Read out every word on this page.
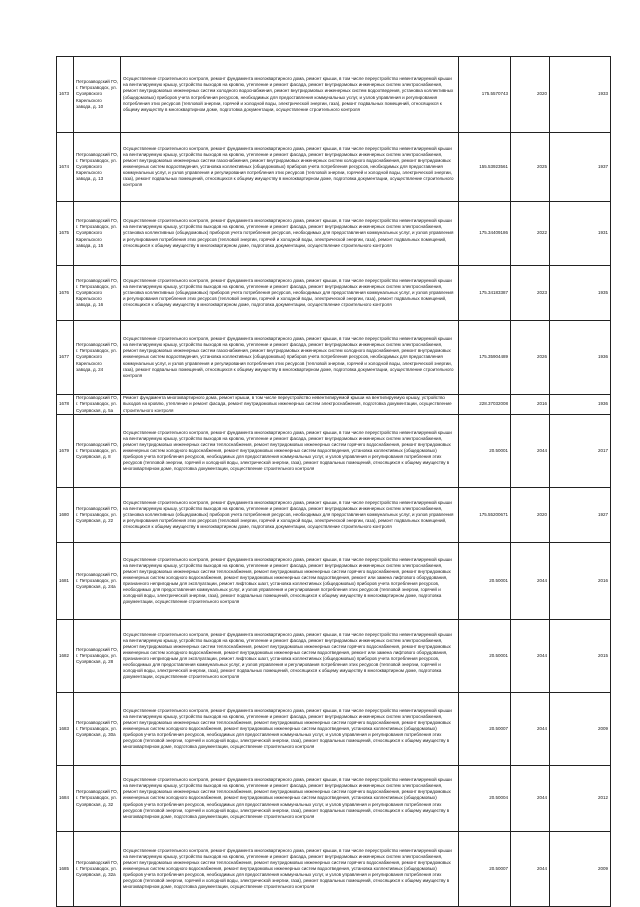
1673	Петрозаводский ГО, г. Петрозаводск, ул. Суоярвского Карельского завода, д. 10	Осуществление строительного контроля, ремонт фундамента многоквартирного дома, ремонт крыши, в том числе переустройство невентилируемой крыши на вентилируемую крышу, устройство выходов на кровлю, утепление и ремонт фасада, ремонт внутридомовых инженерных систем электроснабжения, ремонт внутридомовых инженерных систем холодного водоснабжения, ремонт внутридомовых инженерных систем водоотведения, установка коллективных (общедомовых) приборов учета потребления ресурсов, необходимых для предоставления коммунальных услуг, и узлов управления и регулирования потребления этих ресурсов (тепловой энергии, горячей и холодной воды, электрической энергии, газа), ремонт подвальных помещений, относящихся к общему имуществу в многоквартирном доме, подготовка документации, осуществление строительного контроля	175.5570743	2020	1933
1674	Петрозаводский ГО, г. Петрозаводск, ул. Суоярвского Карельского завода, д. 13	Осуществление строительного контроля, ремонт фундамента многоквартирного дома, ремонт крыши, в том числе переустройство невентилируемой крыши на вентилируемую крышу, устройство выходов на кровлю, утепление и ремонт фасада, ремонт внутридомовых инженерных систем электроснабжения, ремонт внутридомовых инженерных систем газоснабжения, ремонт внутридомовых инженерных систем холодного водоснабжения, ремонт внутридомовых инженерных систем водоотведения, установка коллективных (общедомовых) приборов учета потребления ресурсов, необходимых для предоставления коммунальных услуг, и узлов управления и регулирования потребления этих ресурсов (тепловой энергии, горячей и холодной воды, электрической энергии, газа), ремонт подвальных помещений, относящихся к общему имуществу в многоквартирном доме, подготовка документации, осуществление строительного контроля	155.53923561	2025	1937
1675	Петрозаводский ГО, г. Петрозаводск, ул. Суоярвского Карельского завода, д. 15	Осуществление строительного контроля, ремонт фундамента многоквартирного дома, ремонт крыши, в том числе переустройство невентилируемой крыши на вентилируемую крышу, устройство выходов на кровлю, утепление и ремонт фасада, ремонт внутридомовых инженерных систем электроснабжения, установка коллективных (общедомовых) приборов учета потребления ресурсов, необходимых для предоставления коммунальных услуг, и узлов управления и регулирования потребления этих ресурсов (тепловой энергии, горячей и холодной воды, электрической энергии, газа), ремонт подвальных помещений, относящихся к общему имуществу в многоквартирном доме, подготовка документации, осуществление строительного контроля	175.34409186	2022	1931
1676	Петрозаводский ГО, г. Петрозаводск, ул. Суоярвского Карельского завода, д. 16	Осуществление строительного контроля, ремонт фундамента многоквартирного дома, ремонт крыши, в том числе переустройство невентилируемой крыши на вентилируемую крышу, устройство выходов на кровлю, утепление и ремонт фасада, ремонт внутридомовых инженерных систем электроснабжения, установка коллективных (общедомовых) приборов учета потребления ресурсов, необходимых для предоставления коммунальных услуг, и узлов управления и регулирования потребления этих ресурсов (тепловой энергии, горячей и холодной воды, электрической энергии, газа), ремонт подвальных помещений, относящихся к общему имуществу в многоквартирном доме, подготовка документации, осуществление строительного контроля	175.34183387	2023	1935
1677	Петрозаводский ГО, г. Петрозаводск, ул. Суоярвского Карельского завода, д. 24	Осуществление строительного контроля, ремонт фундамента многоквартирного дома, ремонт крыши, в том числе переустройство невентилируемой крыши на вентилируемую крышу, устройство выходов на кровлю, утепление и ремонт фасада, ремонт внутридомовых инженерных систем электроснабжения, ремонт внутридомовых инженерных систем газоснабжения, ремонт внутридомовых инженерных систем холодного водоснабжения, ремонт внутридомовых инженерных систем водоотведения, установка коллективных (общедомовых) приборов учета потребления ресурсов, необходимых для предоставления коммунальных услуг, и узлов управления и регулирования потребления этих ресурсов (тепловой энергии, горячей и холодной воды, электрической энергии, газа), ремонт подвальных помещений, относящихся к общему имуществу в многоквартирном доме, подготовка документации, осуществление строительного контроля	175.35904489	2026	1936
1678	Петрозаводский ГО, г. Петрозаводск, ул. Суоярвская, д. 5а	Ремонт фундамента многоквартирного дома, ремонт крыши, в том числе переустройство невентилируемой крыши на вентилируемую крышу, устройство выходов на кровлю, утепление и ремонт фасада, ремонт внутридомовых инженерных систем электроснабжения, подготовка документации, осуществление строительного контроля	228.37032008	2016	1936
1679	Петрозаводский ГО, г. Петрозаводск, ул. Суоярвская, д. 8	Осуществление строительного контроля, ремонт фундамента многоквартирного дома, ремонт крыши, в том числе переустройство невентилируемой крыши на вентилируемую крышу, устройство выходов на кровлю, утепление и ремонт фасада, ремонт внутридомовых инженерных систем электроснабжения, ремонт внутридомовых инженерных систем теплоснабжения, ремонт внутридомовых инженерных систем горячего водоснабжения, ремонт внутридомовых инженерных систем холодного водоснабжения, ремонт внутридомовых инженерных систем водоотведения, установка коллективных (общедомовых) приборов учета потребления ресурсов, необходимых для предоставления коммунальных услуг, и узлов управления и регулирования потребления этих ресурсов (тепловой энергии, горячей и холодной воды, электрической энергии, газа), ремонт подвальных помещений, относящихся к общему имуществу в многоквартирном доме, подготовка документации, осуществление строительного контроля	20.50001	2044	2017
1680	Петрозаводский ГО, г. Петрозаводск, ул. Суоярвская, д. 22	Осуществление строительного контроля, ремонт фундамента многоквартирного дома, ремонт крыши, в том числе переустройство невентилируемой крыши на вентилируемую крышу, устройство выходов на кровлю, утепление и ремонт фасада, ремонт внутридомовых инженерных систем электроснабжения, установка коллективных (общедомовых) приборов учета потребления ресурсов, необходимых для предоставления коммунальных услуг, и узлов управления и регулирования потребления этих ресурсов (тепловой энергии, горячей и холодной воды, электрической энергии, газа), ремонт подвальных помещений, относящихся к общему имуществу в многоквартирном доме, подготовка документации, осуществление строительного контроля	175.55200671	2020	1927
1681	Петрозаводский ГО, г. Петрозаводск, ул. Суоярвская, д. 24а	Осуществление строительного контроля, ремонт фундамента многоквартирного дома, ремонт крыши, в том числе переустройство невентилируемой крыши на вентилируемую крышу, устройство выходов на кровлю, утепление и ремонт фасада, ремонт внутридомовых инженерных систем электроснабжения, ремонт внутридомовых инженерных систем теплоснабжения, ремонт внутридомовых инженерных систем горячего водоснабжения, ремонт внутридомовых инженерных систем холодного водоснабжения, ремонт внутридомовых инженерных систем водоотведения, ремонт или замена лифтового оборудования, признанного непригодным для эксплуатации, ремонт лифтовых шахт, установка коллективных (общедомовых) приборов учета потребления ресурсов, необходимых для предоставления коммунальных услуг, и узлов управления и регулирования потребления этих ресурсов (тепловой энергии, горячей и холодной воды, электрической энергии, газа), ремонт подвальных помещений, относящихся к общему имуществу в многоквартирном доме, подготовка документации, осуществление строительного контроля	20.50001	2044	2016
1682	Петрозаводский ГО, г. Петрозаводск, ул. Суоярвская, д. 28	Осуществление строительного контроля, ремонт фундамента многоквартирного дома, ремонт крыши, в том числе переустройство невентилируемой крыши на вентилируемую крышу, устройство выходов на кровлю, утепление и ремонт фасада, ремонт внутридомовых инженерных систем электроснабжения, ремонт внутридомовых инженерных систем теплоснабжения, ремонт внутридомовых инженерных систем горячего водоснабжения, ремонт внутридомовых инженерных систем холодного водоснабжения, ремонт внутридомовых инженерных систем водоотведения, ремонт или замена лифтового оборудования, признанного непригодным для эксплуатации, ремонт лифтовых шахт, установка коллективных (общедомовых) приборов учета потребления ресурсов, необходимых для предоставления коммунальных услуг, и узлов управления и регулирования потребления этих ресурсов (тепловой энергии, горячей и холодной воды, электрической энергии, газа), ремонт подвальных помещений, относящихся к общему имуществу в многоквартирном доме, подготовка документации, осуществление строительного контроля	20.50001	2044	2015
1683	Петрозаводский ГО, г. Петрозаводск, ул. Суоярвская, д. 30а	Осуществление строительного контроля, ремонт фундамента многоквартирного дома, ремонт крыши, в том числе переустройство невентилируемой крыши на вентилируемую крышу, устройство выходов на кровлю, утепление и ремонт фасада, ремонт внутридомовых инженерных систем электроснабжения, ремонт внутридомовых инженерных систем теплоснабжения, ремонт внутридомовых инженерных систем горячего водоснабжения, ремонт внутридомовых инженерных систем холодного водоснабжения, ремонт внутридомовых инженерных систем водоотведения, установка коллективных (общедомовых) приборов учета потребления ресурсов, необходимых для предоставления коммунальных услуг, и узлов управления и регулирования потребления этих ресурсов (тепловой энергии, горячей и холодной воды, электрической энергии, газа), ремонт подвальных помещений, относящихся к общему имуществу в многоквартирном доме, подготовка документации, осуществление строительного контроля	20.50007	2044	2009
1684	Петрозаводский ГО, г. Петрозаводск, ул. Суоярвская, д. 32	Осуществление строительного контроля, ремонт фундамента многоквартирного дома, ремонт крыши, в том числе переустройство невентилируемой крыши на вентилируемую крышу, устройство выходов на кровлю, утепление и ремонт фасада, ремонт внутридомовых инженерных систем электроснабжения, ремонт внутридомовых инженерных систем теплоснабжения, ремонт внутридомовых инженерных систем горячего водоснабжения, ремонт внутридомовых инженерных систем холодного водоснабжения, ремонт внутридомовых инженерных систем водоотведения, установка коллективных (общедомовых) приборов учета потребления ресурсов, необходимых для предоставления коммунальных услуг, и узлов управления и регулирования потребления этих ресурсов (тепловой энергии, горячей и холодной воды, электрической энергии, газа), ремонт подвальных помещений, относящихся к общему имуществу в многоквартирном доме, подготовка документации, осуществление строительного контроля	20.50004	2044	2012
1685	Петрозаводский ГО, г. Петрозаводск, ул. Суоярвская, д. 32а	Осуществление строительного контроля, ремонт фундамента многоквартирного дома, ремонт крыши, в том числе переустройство невентилируемой крыши на вентилируемую крышу, устройство выходов на кровлю, утепление и ремонт фасада, ремонт внутридомовых инженерных систем электроснабжения, ремонт внутридомовых инженерных систем теплоснабжения, ремонт внутридомовых инженерных систем горячего водоснабжения, ремонт внутридомовых инженерных систем холодного водоснабжения, ремонт внутридомовых инженерных систем водоотведения, установка коллективных (общедомовых) приборов учета потребления ресурсов, необходимых для предоставления коммунальных услуг, и узлов управления и регулирования потребления этих ресурсов (тепловой энергии, горячей и холодной воды, электрической энергии, газа), ремонт подвальных помещений, относящихся к общему имуществу в многоквартирном доме, подготовка документации, осуществление строительного контроля	20.50007	2044	2009
